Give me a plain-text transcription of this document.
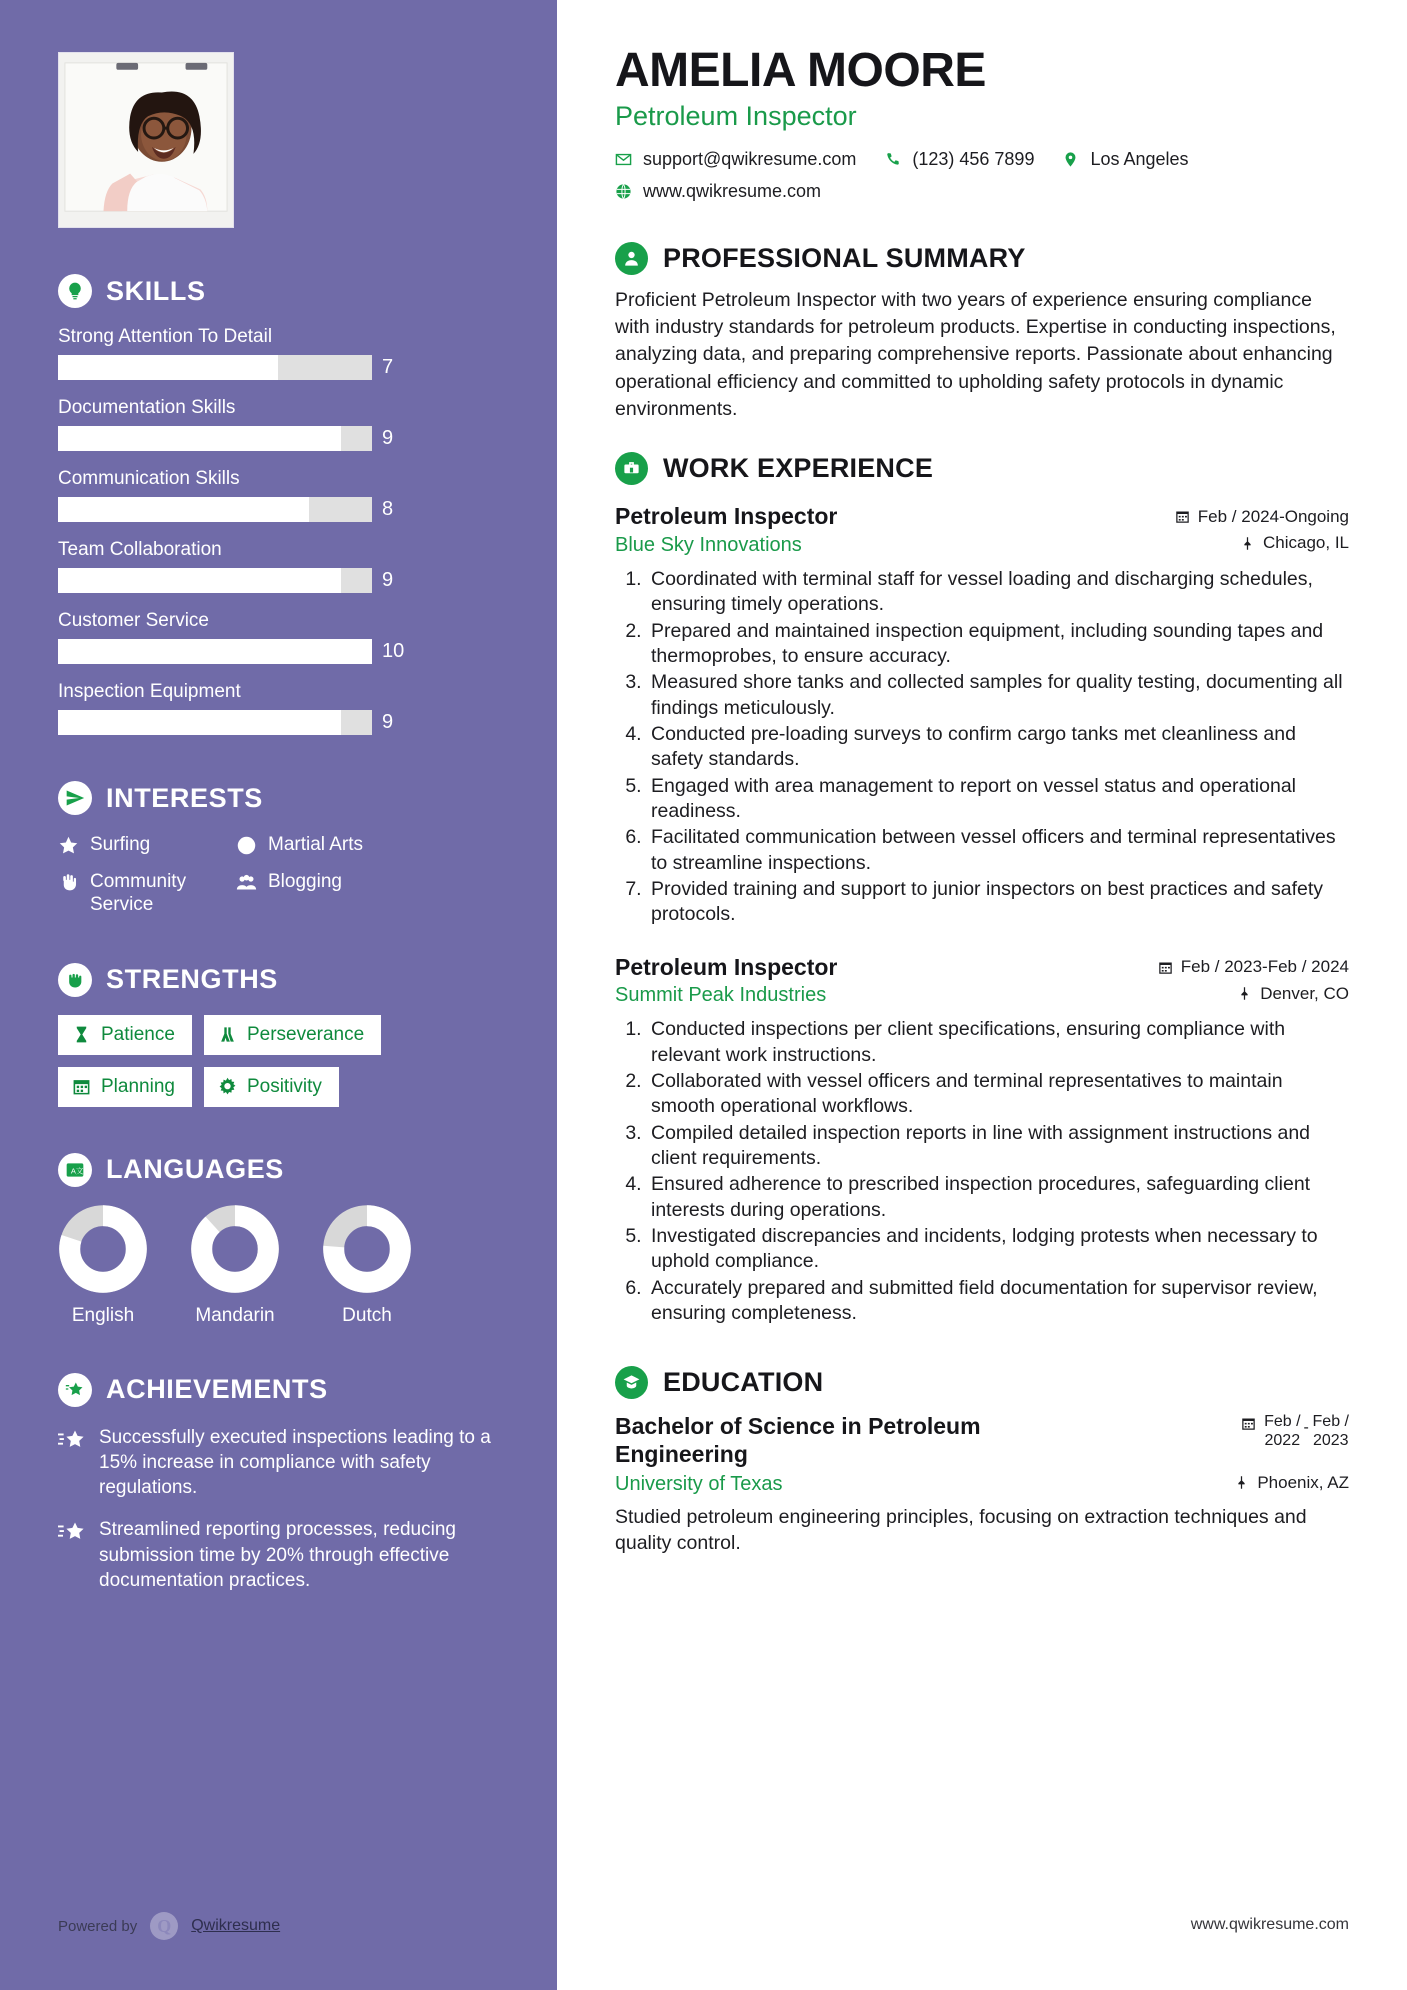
SKILLS
Strong Attention To Detail
7
Documentation Skills
9
Communication Skills
8
Team Collaboration
9
Customer Service
10
Inspection Equipment
9
INTERESTS
Surfing	Martial Arts
Community Service
Blogging
STRENGTHS
Patience	Perseverance
Planning	Positivity
A 文 LANGUAGES
English	Mandarin	Dutch
ACHIEVEMENTS
Successfully executed inspections leading to a 15% increase in compliance with safety regulations.
Streamlined reporting processes, reducing submission time by 20% through effective documentation practices.
Powered by	Q	Qwikresume
AMELIA MOORE
Petroleum Inspector
support@qwikresume.com	(123) 456 7899	Los Angeles
www.qwikresume.com
PROFESSIONAL SUMMARY

Proficient Petroleum Inspector with two years of experience ensuring compliance with industry standards for petroleum products. Expertise in conducting inspections, analyzing data, and preparing comprehensive reports. Passionate about enhancing operational efficiency and committed to upholding safety protocols in dynamic environments.

WORK EXPERIENCE
Petroleum Inspector	Feb / 2024-Ongoing
Blue Sky Innovations	Chicago, IL
1. Coordinated with terminal staff for vessel loading and discharging schedules, ensuring timely operations.
2. Prepared and maintained inspection equipment, including sounding tapes and thermoprobes, to ensure accuracy.
3. Measured shore tanks and collected samples for quality testing, documenting all findings meticulously.
4. Conducted pre-loading surveys to confirm cargo tanks met cleanliness and safety standards.
5. Engaged with area management to report on vessel status and operational readiness.
6. Facilitated communication between vessel officers and terminal representatives to streamline inspections.
7. Provided training and support to junior inspectors on best practices and safety protocols.
Petroleum Inspector	Feb / 2023-Feb / 2024
Summit Peak Industries	Denver, CO
1. Conducted inspections per client specifications, ensuring compliance with relevant work instructions.
2. Collaborated with vessel officers and terminal representatives to maintain smooth operational workflows.
3. Compiled detailed inspection reports in line with assignment instructions and client requirements.
4. Ensured adherence to prescribed inspection procedures, safeguarding client interests during operations.
5. Investigated discrepancies and incidents, lodging protests when necessary to uphold compliance.
6. Accurately prepared and submitted field documentation for supervisor review, ensuring completeness.
EDUCATION
Bachelor of Science in Petroleum Engineering
Feb /
2022
- Feb /
2023
University of Texas	Phoenix, AZ

Studied petroleum engineering principles, focusing on extraction techniques and quality control.

www.qwikresume.com
